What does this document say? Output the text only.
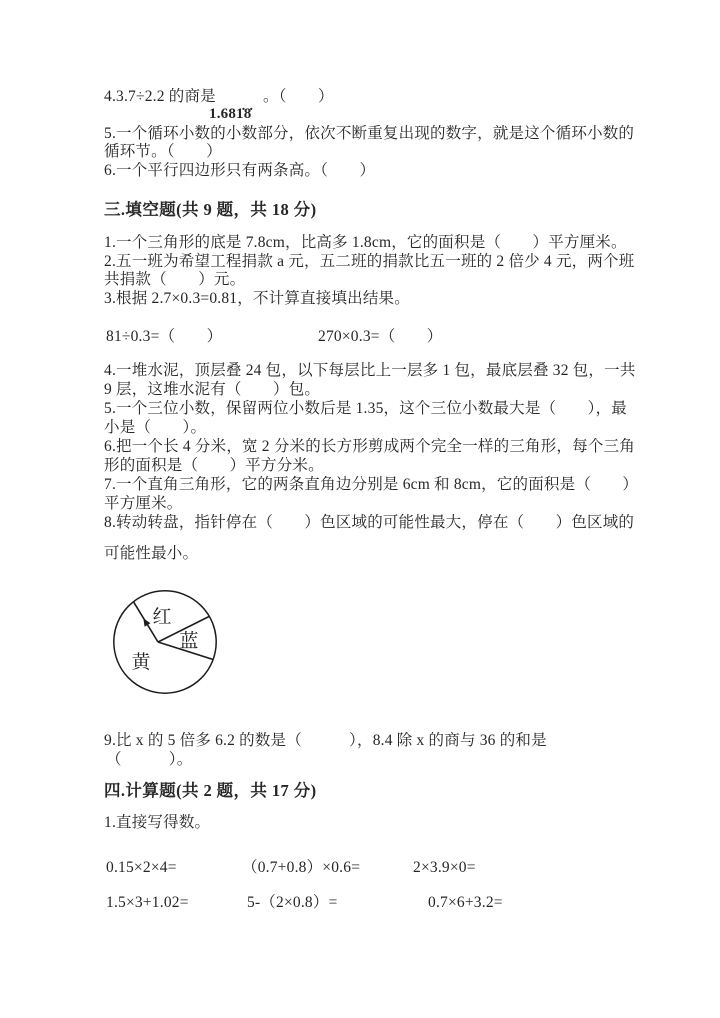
4.3.7÷2.2 的商是　　　。（　　）
1.681̇8̇
5.一个循环小数的小数部分，依次不断重复出现的数字，就是这个循环小数的
循环节。（　　）
6.一个平行四边形只有两条高。（　　）
三.填空题(共 9 题，共 18 分)
1.一个三角形的底是 7.8cm，比高多 1.8cm，它的面积是（　　）平方厘米。
2.五一班为希望工程捐款 a 元，五二班的捐款比五一班的 2 倍少 4 元，两个班
共捐款（　　）元。
3.根据 2.7×0.3=0.81，不计算直接填出结果。
81÷0.3=（　　）	270×0.3=（　　）
4.一堆水泥，顶层叠 24 包，以下每层比上一层多 1 包，最底层叠 32 包，一共
9 层，这堆水泥有（　　）包。
5.一个三位小数，保留两位小数后是 1.35，这个三位小数最大是（　　），最
小是（　　）。
6.把一个长 4 分米，宽 2 分米的长方形剪成两个完全一样的三角形，每个三角
形的面积是（　　）平方分米。
7.一个直角三角形，它的两条直角边分别是 6cm 和 8cm，它的面积是（　　）
平方厘米。
8.转动转盘，指针停在（　　）色区域的可能性最大，停在（　　）色区域的
可能性最小。
红
蓝
黄
9.比 x 的 5 倍多 6.2 的数是（　　　），8.4 除 x 的商与 36 的和是
（　　　）。
四.计算题(共 2 题，共 17 分)
1.直接写得数。
0.15×2×4=	（0.7+0.8）×0.6=	2×3.9×0=
1.5×3+1.02=	5-（2×0.8）=	0.7×6+3.2=
